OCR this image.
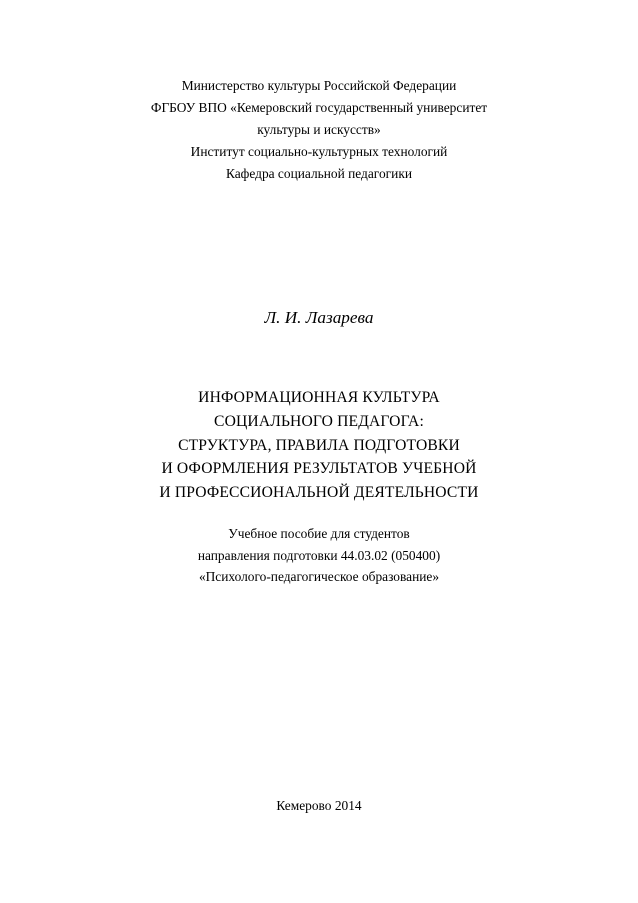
Министерство культуры Российской Федерации
ФГБОУ ВПО «Кемеровский государственный университет
культуры и искусств»
Институт социально-культурных технологий
Кафедра социальной педагогики
Л. И. Лазарева
ИНФОРМАЦИОННАЯ КУЛЬТУРА
СОЦИАЛЬНОГО ПЕДАГОГА:
СТРУКТУРА, ПРАВИЛА ПОДГОТОВКИ
И ОФОРМЛЕНИЯ РЕЗУЛЬТАТОВ УЧЕБНОЙ
И ПРОФЕССИОНАЛЬНОЙ ДЕЯТЕЛЬНОСТИ
Учебное пособие для студентов
направления подготовки 44.03.02 (050400)
«Психолого-педагогическое образование»
Кемерово 2014
